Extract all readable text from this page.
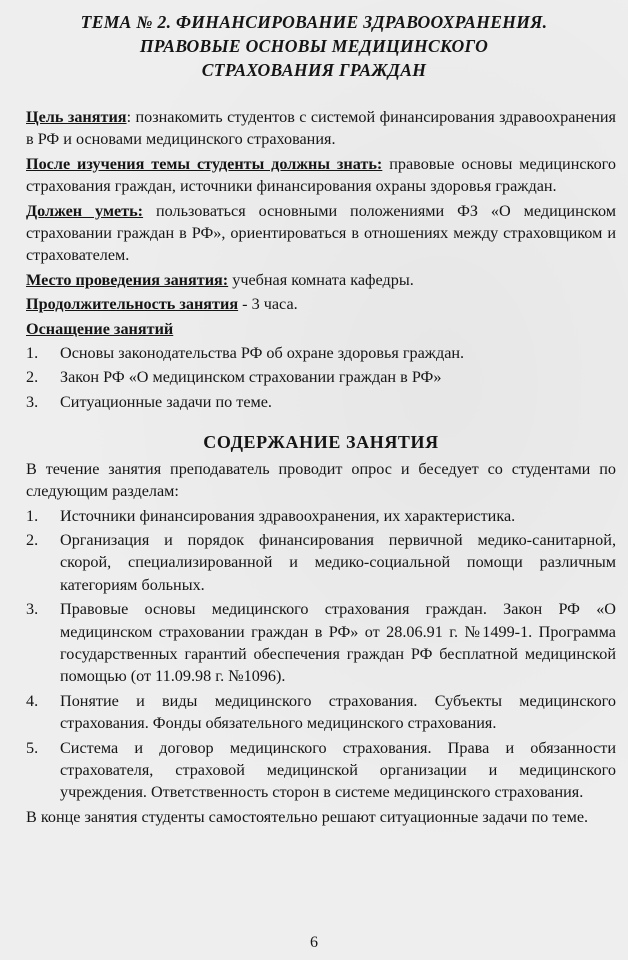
ТЕМА № 2. ФИНАНСИРОВАНИЕ ЗДРАВООХРАНЕНИЯ.
ПРАВОВЫЕ ОСНОВЫ МЕДИЦИНСКОГО
СТРАХОВАНИЯ ГРАЖДАН

Цель занятия: познакомить студентов с системой финансирования здравоохранения в РФ и основами медицинского страхования.

После изучения темы студенты должны знать: правовые основы медицинского страхования граждан, источники финансирования охраны здоровья граждан.

Должен уметь: пользоваться основными положениями ФЗ «О медицинском страховании граждан в РФ», ориентироваться в отношениях между страховщиком и страхователем.

Место проведения занятия: учебная комната кафедры.

Продолжительность занятия - 3 часа.

Оснащение занятий

1. Основы законодательства РФ об охране здоровья граждан.
2. Закон РФ «О медицинском страховании граждан в РФ»
3. Ситуационные задачи по теме.
СОДЕРЖАНИЕ ЗАНЯТИЯ

В течение занятия преподаватель проводит опрос и беседует со студентами по следующим разделам:

1. Источники финансирования здравоохранения, их характеристика.
2. Организация и порядок финансирования первичной медико-санитарной, скорой, специализированной и медико-социальной помощи различным категориям больных.
3. Правовые основы медицинского страхования граждан. Закон РФ «О медицинском страховании граждан в РФ» от 28.06.91 г. №1499-1. Программа государственных гарантий обеспечения граждан РФ бесплатной медицинской помощью (от 11.09.98 г. №1096).
4. Понятие и виды медицинского страхования. Субъекты медицинского страхования. Фонды обязательного медицинского страхования.
5. Система и договор медицинского страхования. Права и обязанности страхователя, страховой медицинской организации и медицинского учреждения. Ответственность сторон в системе медицинского страхования.

В конце занятия студенты самостоятельно решают ситуационные задачи по теме.

6
